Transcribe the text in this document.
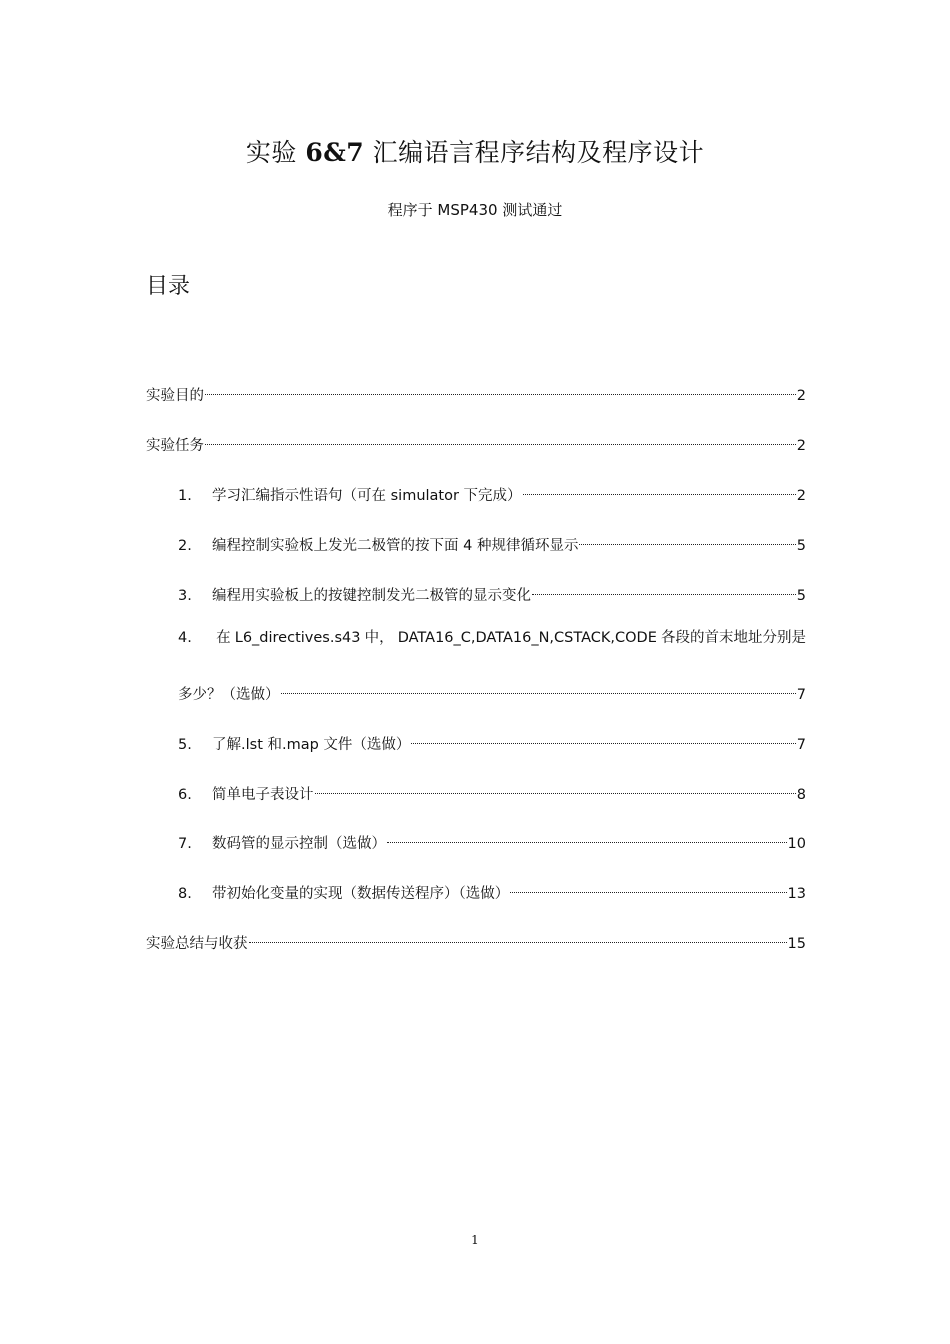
实验 6&7 汇编语言程序结构及程序设计
程序于 MSP430 测试通过
目录
实验目的	2
实验任务	2
1.	学习汇编指示性语句（可在 simulator 下完成）	2
2.	编程控制实验板上发光二极管的按下面 4 种规律循环显示	5
3.	编程用实验板上的按键控制发光二极管的显示变化	5
4.	在 L6_directives.s43 中， DATA16_C,DATA16_N,CSTACK,CODE 各段的首末地址分别是
多少？（选做）	7
5.	了解.lst 和.map 文件（选做）	7
6.	简单电子表设计	8
7.	数码管的显示控制（选做）	10
8.	带初始化变量的实现（数据传送程序）（选做）	13
实验总结与收获	15
1
